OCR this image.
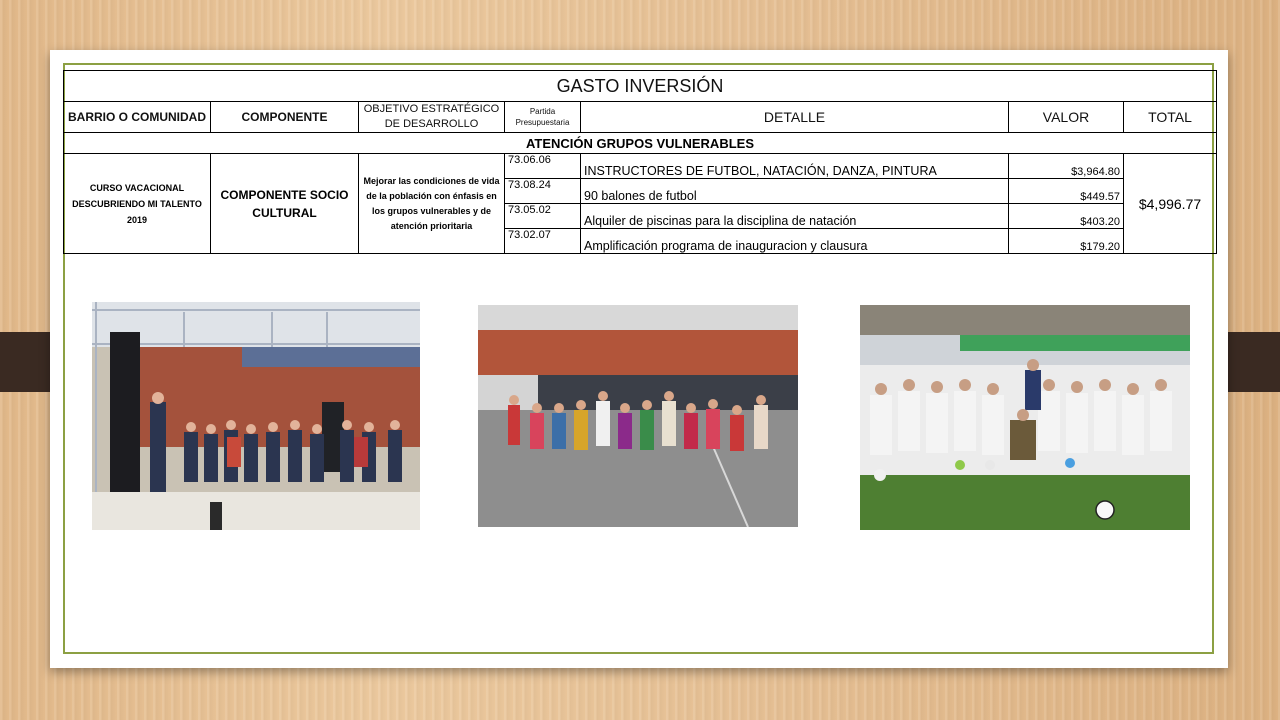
GASTO INVERSIÓN						
BARRIO O COMUNIDAD	COMPONENTE	OBJETIVO ESTRATÉGICO DE DESARROLLO	Partida Presupuestaria	DETALLE	VALOR	TOTAL
ATENCIÓN GRUPOS VULNERABLES						
CURSO VACACIONAL DESCUBRIENDO MI TALENTO 2019	COMPONENTE SOCIO CULTURAL	Mejorar las condiciones de vida de la población con énfasis en los grupos vulnerables y de atención prioritaria	73.06.06	INSTRUCTORES DE FUTBOL, NATACIÓN, DANZA, PINTURA	$3,964.80	$4,996.77
			73.08.24	90 balones de futbol	$449.57	
			73.05.02	Alquiler de piscinas para la disciplina de natación	$403.20	
			73.02.07	Amplificación programa de inauguracion y clausura	$179.20	
